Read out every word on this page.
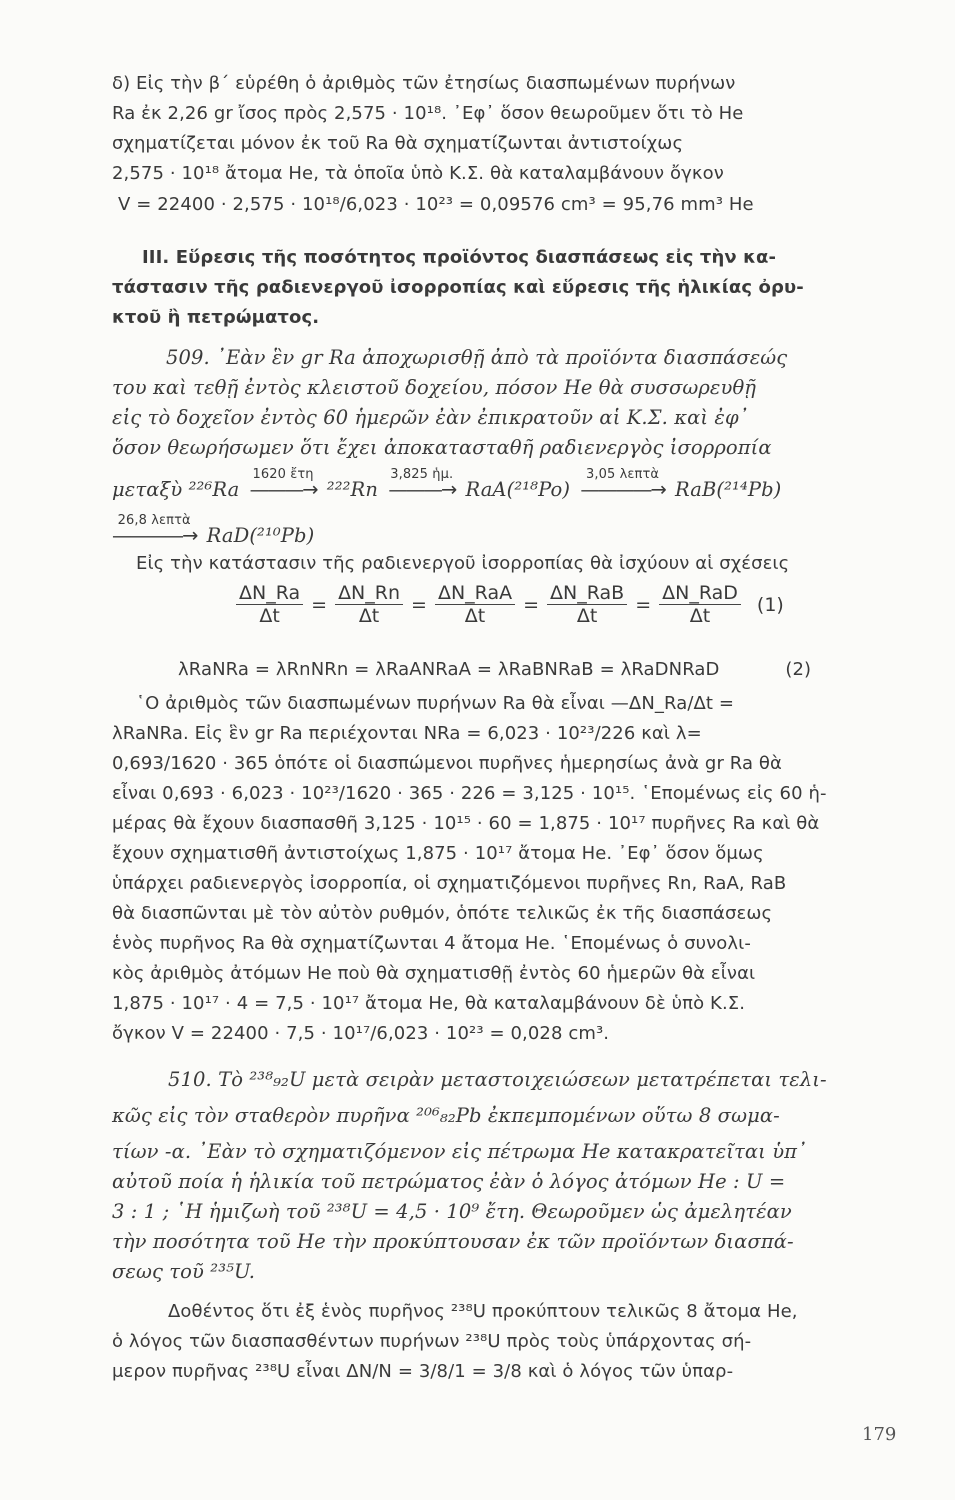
δ) Εἰς τὴν β΄ εὑρέθη ὁ ἀριθμὸς τῶν ἐτησίως διασπωμένων πυρήνων
Ra ἐκ 2,26 gr ἴσος πρὸς 2,575 · 10¹⁸. ᾽Εφ᾽ ὅσον θεωροῦμεν ὅτι τὸ He
σχηματίζεται μόνον ἐκ τοῦ Ra θὰ σχηματίζωνται ἀντιστοίχως
2,575 · 10¹⁸ ἄτομα He, τὰ ὁποῖα ὑπὸ Κ.Σ. θὰ καταλαμβάνουν ὄγκον
V = 22400 · 2,575 · 10¹⁸/6,023 · 10²³ = 0,09576 cm³ = 95,76 mm³ He
III. Εὕρεσις τῆς ποσότητος προϊόντος διασπάσεως εἰς τὴν κα-
τάστασιν τῆς ραδιενεργοῦ ἰσορροπίας καὶ εὕρεσις τῆς ἡλικίας ὀρυ-
κτοῦ ἢ πετρώματος.
509. ᾽Εὰν ἓν gr Ra ἀποχωρισθῇ ἀπὸ τὰ προϊόντα διασπάσεώς
του καὶ τεθῇ ἐντὸς κλειστοῦ δοχείου, πόσον He θὰ συσσωρευθῇ
εἰς τὸ δοχεῖον ἐντὸς 60 ἡμερῶν ἐὰν ἐπικρατοῦν αἱ Κ.Σ. καὶ ἐφ᾽
ὅσον θεωρήσωμεν ὅτι ἔχει ἀποκατασταθῆ ραδιενεργὸς ἰσορροπία
μεταξὺ ²²⁶Ra
1620 ἔτη
———→ ²²²Rn
3,825 ἡμ.
———→ RaA(²¹⁸Po)
3,05 λεπτὰ
————→ RaB(²¹⁴Pb)
26,8 λεπτὰ
————→ RaD(²¹⁰Pb)
Εἰς τὴν κατάστασιν τῆς ραδιενεργοῦ ἰσορροπίας θὰ ἰσχύουν αἱ σχέσεις
$\frac{\Delta N\_Ra}{\Delta t} = \frac{\Delta N\_Rn}{\Delta t} = \frac{\text{ΔN\_RaA}}{\Delta t} = \frac{\text{ΔN\_RaB}}{\Delta t} = \frac{\text{ΔN\_RaD}}{\Delta t} (1)$
λRaNRa = λRnNRn = λRaANRaA = λRaBNRaB = λRaDNRaD	(2)
῾Ο ἀριθμὸς τῶν διασπωμένων πυρήνων Ra θὰ εἶναι —ΔN_Ra/Δt =
λRaNRa. Εἰς ἓν gr Ra περιέχονται NRa = 6,023 · 10²³/226 καὶ λ=
0,693/1620 · 365 ὁπότε οἱ διασπώμενοι πυρῆνες ἡμερησίως ἀνὰ gr Ra θὰ
εἶναι 0,693 · 6,023 · 10²³/1620 · 365 · 226 = 3,125 · 10¹⁵. ῾Επομένως εἰς 60 ἡ-
μέρας θὰ ἔχουν διασπασθῆ 3,125 · 10¹⁵ · 60 = 1,875 · 10¹⁷ πυρῆνες Ra καὶ θὰ
ἔχουν σχηματισθῆ ἀντιστοίχως 1,875 · 10¹⁷ ἄτομα He. ᾽Εφ᾽ ὅσον ὅμως
ὑπάρχει ραδιενεργὸς ἰσορροπία, οἱ σχηματιζόμενοι πυρῆνες Rn, RaA, RaB
θὰ διασπῶνται μὲ τὸν αὐτὸν ρυθμόν, ὁπότε τελικῶς ἐκ τῆς διασπάσεως
ἑνὸς πυρῆνος Ra θὰ σχηματίζωνται 4 ἄτομα He. ῾Επομένως ὁ συνολι-
κὸς ἀριθμὸς ἀτόμων He ποὺ θὰ σχηματισθῇ ἐντὸς 60 ἡμερῶν θὰ εἶναι
1,875 · 10¹⁷ · 4 = 7,5 · 10¹⁷ ἄτομα He, θὰ καταλαμβάνουν δὲ ὑπὸ Κ.Σ.
ὄγκον V = 22400 · 7,5 · 10¹⁷/6,023 · 10²³ = 0,028 cm³.
510. Τὸ ²³⁸₉₂U μετὰ σειρὰν μεταστοιχειώσεων μετατρέπεται τελι-
κῶς εἰς τὸν σταθερὸν πυρῆνα ²⁰⁶₈₂Pb ἐκπεμπομένων οὕτω 8 σωμα-
τίων -α. ᾽Εὰν τὸ σχηματιζόμενον εἰς πέτρωμα He κατακρατεῖται ὑπ᾽
αὐτοῦ ποία ἡ ἡλικία τοῦ πετρώματος ἐὰν ὁ λόγος ἀτόμων He : U =
3 : 1 ; ῾Η ἡμιζωὴ τοῦ ²³⁸U = 4,5 · 10⁹ ἔτη. Θεωροῦμεν ὡς ἀμελητέαν
τὴν ποσότητα τοῦ He τὴν προκύπτουσαν ἐκ τῶν προϊόντων διασπά-
σεως τοῦ ²³⁵U.
Δοθέντος ὅτι ἐξ ἑνὸς πυρῆνος ²³⁸U προκύπτουν τελικῶς 8 ἄτομα He,
ὁ λόγος τῶν διασπασθέντων πυρήνων ²³⁸U πρὸς τοὺς ὑπάρχοντας σή-
μερον πυρῆνας ²³⁸U εἶναι ΔN/N = 3/8/1 = 3/8 καὶ ὁ λόγος τῶν ὑπαρ-
179
